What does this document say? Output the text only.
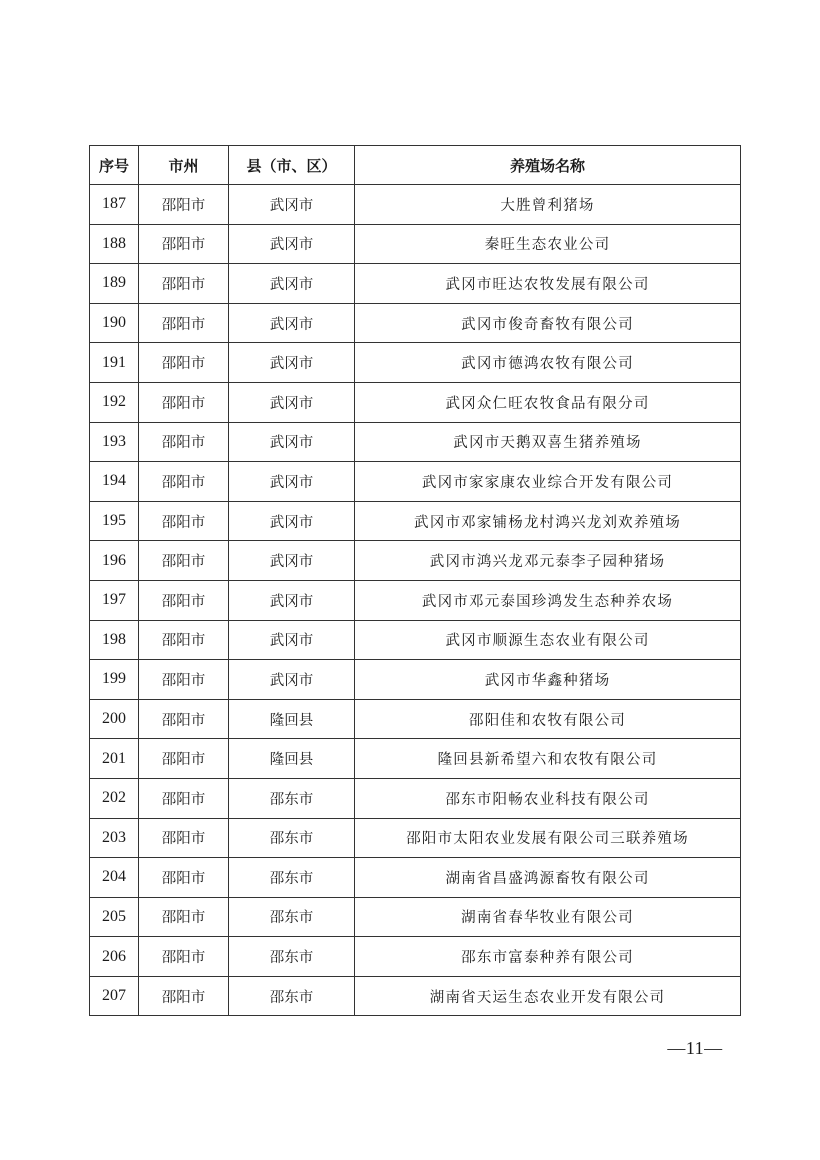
序号	市州	县（市、区）	养殖场名称
187	邵阳市	武冈市	大胜曾利猪场
188	邵阳市	武冈市	秦旺生态农业公司
189	邵阳市	武冈市	武冈市旺达农牧发展有限公司
190	邵阳市	武冈市	武冈市俊奇畜牧有限公司
191	邵阳市	武冈市	武冈市德鸿农牧有限公司
192	邵阳市	武冈市	武冈众仁旺农牧食品有限分司
193	邵阳市	武冈市	武冈市天鹅双喜生猪养殖场
194	邵阳市	武冈市	武冈市家家康农业综合开发有限公司
195	邵阳市	武冈市	武冈市邓家铺杨龙村鸿兴龙刘欢养殖场
196	邵阳市	武冈市	武冈市鸿兴龙邓元泰李子园种猪场
197	邵阳市	武冈市	武冈市邓元泰国珍鸿发生态种养农场
198	邵阳市	武冈市	武冈市顺源生态农业有限公司
199	邵阳市	武冈市	武冈市华鑫种猪场
200	邵阳市	隆回县	邵阳佳和农牧有限公司
201	邵阳市	隆回县	隆回县新希望六和农牧有限公司
202	邵阳市	邵东市	邵东市阳畅农业科技有限公司
203	邵阳市	邵东市	邵阳市太阳农业发展有限公司三联养殖场
204	邵阳市	邵东市	湖南省昌盛鸿源畜牧有限公司
205	邵阳市	邵东市	湖南省春华牧业有限公司
206	邵阳市	邵东市	邵东市富泰种养有限公司
207	邵阳市	邵东市	湖南省天运生态农业开发有限公司
—11—
